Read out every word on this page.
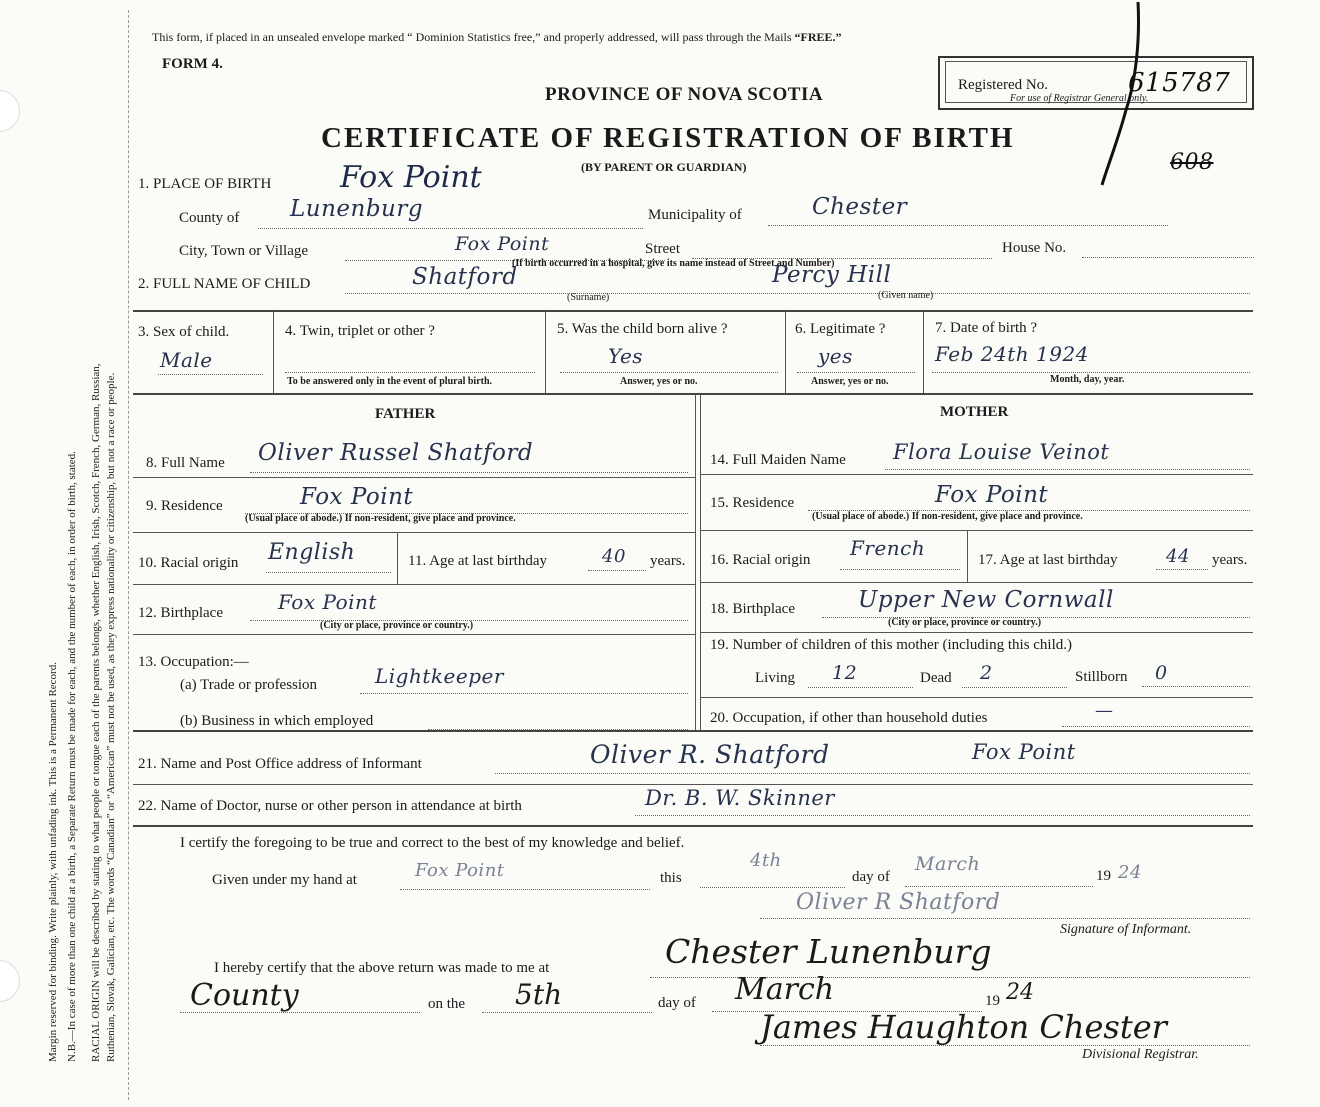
Margin reserved for binding. Write plainly, with unfading ink. This is a Permanent Record. N.B.—In case of more than one child at a birth, a Separate Return must be made for each, and the number of each, in order of birth, stated. RACIAL ORIGIN will be described by stating to what people or tongue each of the parents belongs, whether English, Irish, Scotch, French, German, Russian, Ruthenian, Slovak, Galician, etc. The words “Canadian” or “American” must not be used, as they express nationality or citizenship, but not a race or people.
This form, if placed in an unsealed envelope marked “ Dominion Statistics free,” and properly addressed, will pass through the Mails “FREE.”
FORM 4.
Registered No.	615787
For use of Registrar General only.
PROVINCE OF NOVA SCOTIA
CERTIFICATE OF REGISTRATION OF BIRTH
(BY PARENT OR GUARDIAN)	608
1. PLACE OF BIRTH Fox Point
County of Lunenburg	Municipality of	Chester
City, Town or Village	Fox Point	Street	House No.
(If birth occurred in a hospital, give its name instead of Street and Number)
2. FULL NAME OF CHILD	Shatford	Percy Hill
(Surname)	(Given name)
3. Sex of child.
Male
4. Twin, triplet or other ?
To be answered only in the event of plural birth.
5. Was the child born alive ?
Yes
Answer, yes or no.
6. Legitimate ?
yes
Answer, yes or no.
7. Date of birth ?
Feb 24th 1924
Month, day, year.
FATHER	MOTHER
8. Full Name Oliver Russel Shatford	14. Full Maiden Name Flora Louise Veinot
9. Residence	Fox Point
(Usual place of abode.) If non-resident, give place and province.
15. Residence	Fox Point
(Usual place of abode.) If non-resident, give place and province.
10. Racial origin English	11. Age at last birthday	40 years. 16. Racial origin French	17. Age at last birthday	44 years.
12. Birthplace	Fox Point
(City or place, province or country.)
18. Birthplace	Upper New Cornwall
(City or place, province or country.)
13. Occupation:—
(a) Trade or profession	Lightkeeper
(b) Business in which employed
19. Number of children of this mother (including this child.)
Living 12	Dead 2	Stillborn 0
20. Occupation, if other than household duties	—
21. Name and Post Office address of Informant	Oliver R. Shatford	Fox Point
22. Name of Doctor, nurse or other person in attendance at birth	Dr. B. W. Skinner
I certify the foregoing to be true and correct to the best of my knowledge and belief.
Given under my hand at	Fox Point	this
4th
day of
March
19 24
Oliver R Shatford
Signature of Informant.
I hereby certify that the above return was made to me at	Chester Lunenburg
County	on the 5th	day of March	19 24
James Haughton Chester
Divisional Registrar.
